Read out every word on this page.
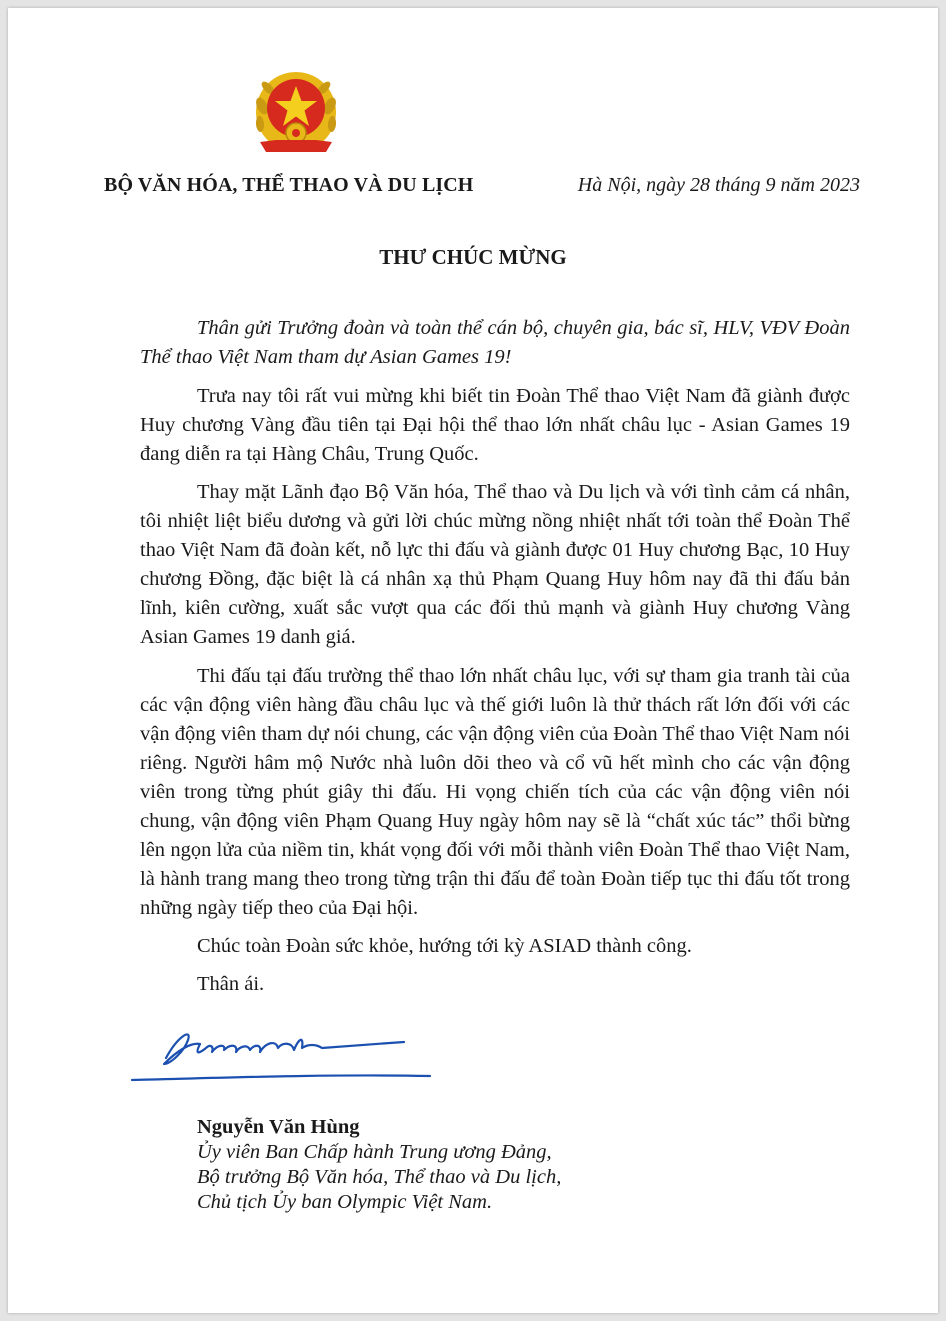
BỘ VĂN HÓA, THỂ THAO VÀ DU LỊCH	Hà Nội, ngày 28 tháng 9 năm 2023
THƯ CHÚC MỪNG

Thân gửi Trưởng đoàn và toàn thể cán bộ, chuyên gia, bác sĩ, HLV, VĐV Đoàn Thể thao Việt Nam tham dự Asian Games 19!

Trưa nay tôi rất vui mừng khi biết tin Đoàn Thể thao Việt Nam đã giành được Huy chương Vàng đầu tiên tại Đại hội thể thao lớn nhất châu lục - Asian Games 19 đang diễn ra tại Hàng Châu, Trung Quốc.

Thay mặt Lãnh đạo Bộ Văn hóa, Thể thao và Du lịch và với tình cảm cá nhân, tôi nhiệt liệt biểu dương và gửi lời chúc mừng nồng nhiệt nhất tới toàn thể Đoàn Thể thao Việt Nam đã đoàn kết, nỗ lực thi đấu và giành được 01 Huy chương Bạc, 10 Huy chương Đồng, đặc biệt là cá nhân xạ thủ Phạm Quang Huy hôm nay đã thi đấu bản lĩnh, kiên cường, xuất sắc vượt qua các đối thủ mạnh và giành Huy chương Vàng Asian Games 19 danh giá.

Thi đấu tại đấu trường thể thao lớn nhất châu lục, với sự tham gia tranh tài của các vận động viên hàng đầu châu lục và thế giới luôn là thử thách rất lớn đối với các vận động viên tham dự nói chung, các vận động viên của Đoàn Thể thao Việt Nam nói riêng. Người hâm mộ Nước nhà luôn dõi theo và cổ vũ hết mình cho các vận động viên trong từng phút giây thi đấu. Hi vọng chiến tích của các vận động viên nói chung, vận động viên Phạm Quang Huy ngày hôm nay sẽ là “chất xúc tác” thổi bừng lên ngọn lửa của niềm tin, khát vọng đối với mỗi thành viên Đoàn Thể thao Việt Nam, là hành trang mang theo trong từng trận thi đấu để toàn Đoàn tiếp tục thi đấu tốt trong những ngày tiếp theo của Đại hội.

Chúc toàn Đoàn sức khỏe, hướng tới kỳ ASIAD thành công.

Thân ái.

Nguyễn Văn Hùng
Ủy viên Ban Chấp hành Trung ương Đảng,
Bộ trưởng Bộ Văn hóa, Thể thao và Du lịch,
Chủ tịch Ủy ban Olympic Việt Nam.
